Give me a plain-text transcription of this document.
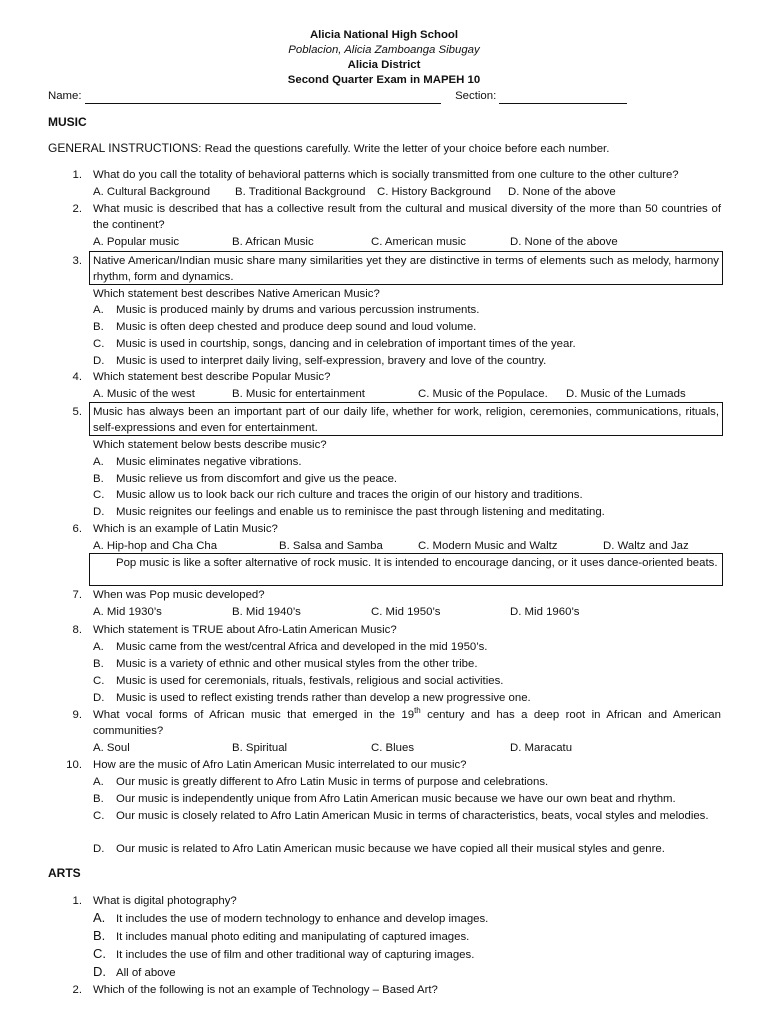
Alicia National High School
Poblacion, Alicia Zamboanga Sibugay
Alicia District
Second Quarter Exam in MAPEH 10
Name:	Section:
MUSIC
GENERAL INSTRUCTIONS: Read the questions carefully. Write the letter of your choice before each number.
1. What do you call the totality of behavioral patterns which is socially transmitted from one culture to the other culture?
A. Cultural Background B. Traditional Background C. History Background D. None of the above
2. What music is described that has a collective result from the cultural and musical diversity of the more than 50 countries of the continent?
A. Popular music	B. African Music	C. American music	D. None of the above
3. Native American/Indian music share many similarities yet they are distinctive in terms of elements such as melody, harmony rhythm, form and dynamics.
Which statement best describes Native American Music?
A. Music is produced mainly by drums and various percussion instruments.
B. Music is often deep chested and produce deep sound and loud volume.
C. Music is used in courtship, songs, dancing and in celebration of important times of the year.
D. Music is used to interpret daily living, self-expression, bravery and love of the country.
4. Which statement best describe Popular Music?
A. Music of the west	B. Music for entertainment	C. Music of the Populace. D. Music of the Lumads
5. Music has always been an important part of our daily life, whether for work, religion, ceremonies, communications, rituals, self-expressions and even for entertainment.
Which statement below bests describe music?
A. Music eliminates negative vibrations.
B. Music relieve us from discomfort and give us the peace.
C. Music allow us to look back our rich culture and traces the origin of our history and traditions.
D. Music reignites our feelings and enable us to reminisce the past through listening and meditating.
6. Which is an example of Latin Music?
A. Hip-hop and Cha Cha	B. Salsa and Samba	C. Modern Music and Waltz	D. Waltz and Jaz
Pop music is like a softer alternative of rock music. It is intended to encourage dancing, or it uses dance-oriented beats.
7. When was Pop music developed?
A. Mid 1930’s	B. Mid 1940’s	C. Mid 1950’s	D. Mid 1960’s
8. Which statement is TRUE about Afro-Latin American Music?
A. Music came from the west/central Africa and developed in the mid 1950’s.
B. Music is a variety of ethnic and other musical styles from the other tribe.
C. Music is used for ceremonials, rituals, festivals, religious and social activities.
D. Music is used to reflect existing trends rather than develop a new progressive one.
9. What vocal forms of African music that emerged in the 19th century and has a deep root in African and American communities?
A. Soul	B. Spiritual	C. Blues	D. Maracatu
10. How are the music of Afro Latin American Music interrelated to our music?
A. Our music is greatly different to Afro Latin Music in terms of purpose and celebrations.
B. Our music is independently unique from Afro Latin American music because we have our own beat and rhythm.
C. Our music is closely related to Afro Latin American Music in terms of characteristics, beats, vocal styles and melodies.
D. Our music is related to Afro Latin American music because we have copied all their musical styles and genre.
ARTS
1. What is digital photography?
A. It includes the use of modern technology to enhance and develop images.
B. It includes manual photo editing and manipulating of captured images.
C. It includes the use of film and other traditional way of capturing images.
D. All of above
2. Which of the following is not an example of Technology – Based Art?
